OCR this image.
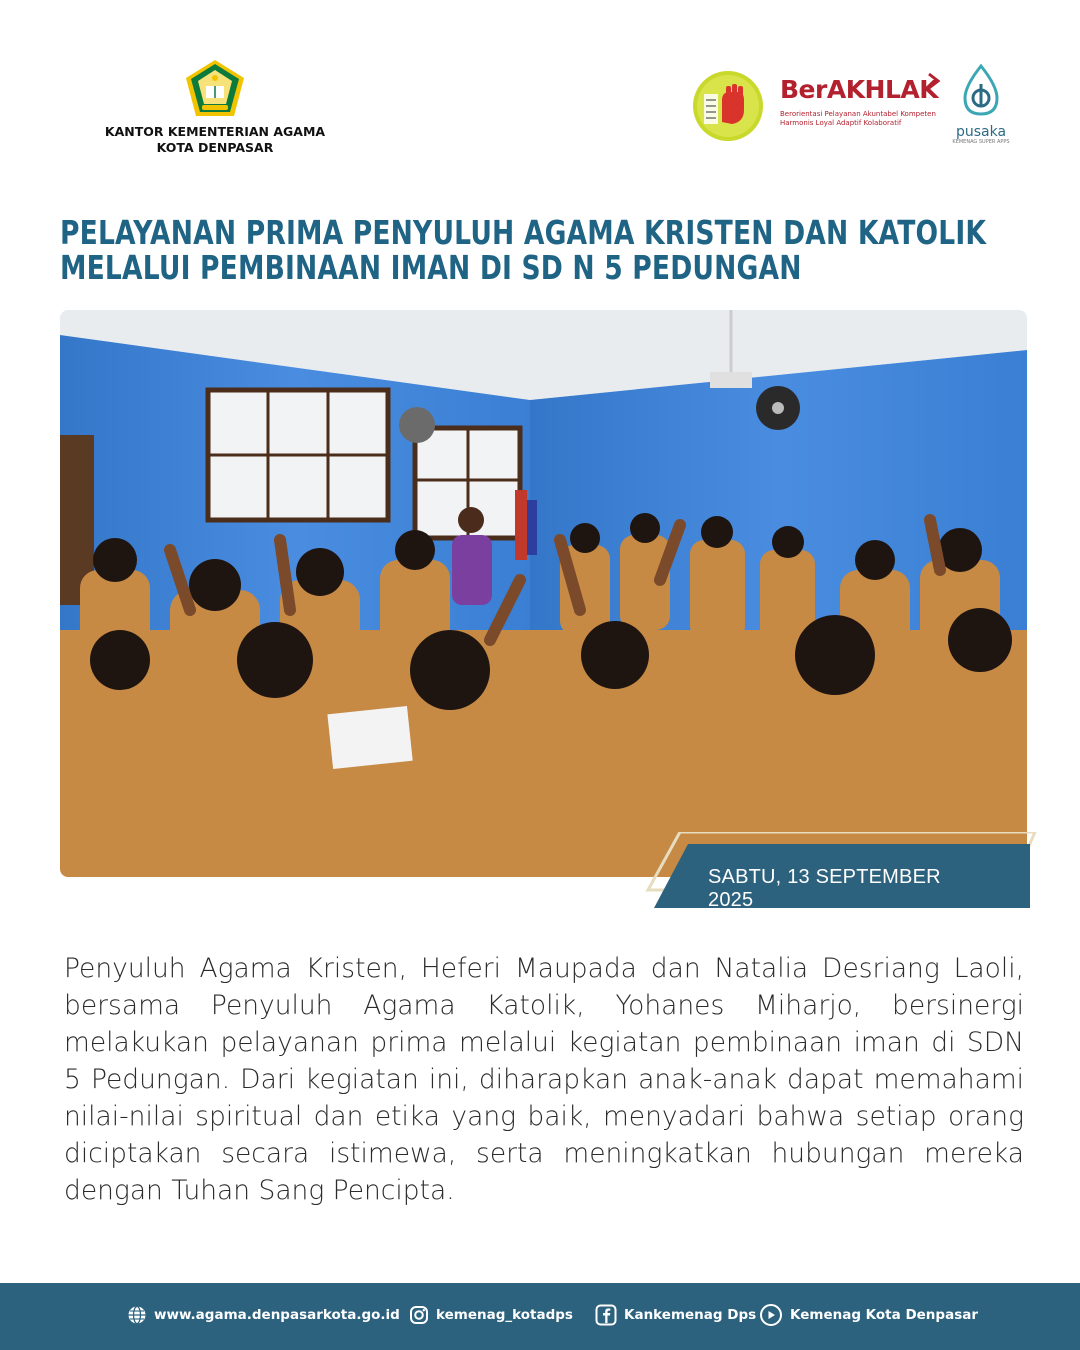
KANTOR KEMENTERIAN AGAMA
KOTA DENPASAR
BerAKHLAK
Berorientasi Pelayanan Akuntabel Kompeten
Harmonis Loyal Adaptif Kolaboratif
pusaka
KEMENAG SUPER APPS
PELAYANAN PRIMA PENYULUH AGAMA KRISTEN DAN KATOLIK
MELALUI PEMBINAAN IMAN DI SD N 5 PEDUNGAN
SABTU, 13 SEPTEMBER 2025
Penyuluh Agama Kristen, Heferi Maupada dan Natalia Desriang Laoli, bersama Penyuluh Agama Katolik, Yohanes Miharjo, bersinergi melakukan pelayanan prima melalui kegiatan pembinaan iman di SDN 5 Pedungan. Dari kegiatan ini, diharapkan anak-anak dapat memahami nilai-nilai spiritual dan etika yang baik, menyadari bahwa setiap orang diciptakan secara istimewa, serta meningkatkan hubungan mereka dengan Tuhan Sang Pencipta.
www.agama.denpasarkota.go.id	kemenag_kotadps	Kankemenag Dps	Kemenag Kota Denpasar
